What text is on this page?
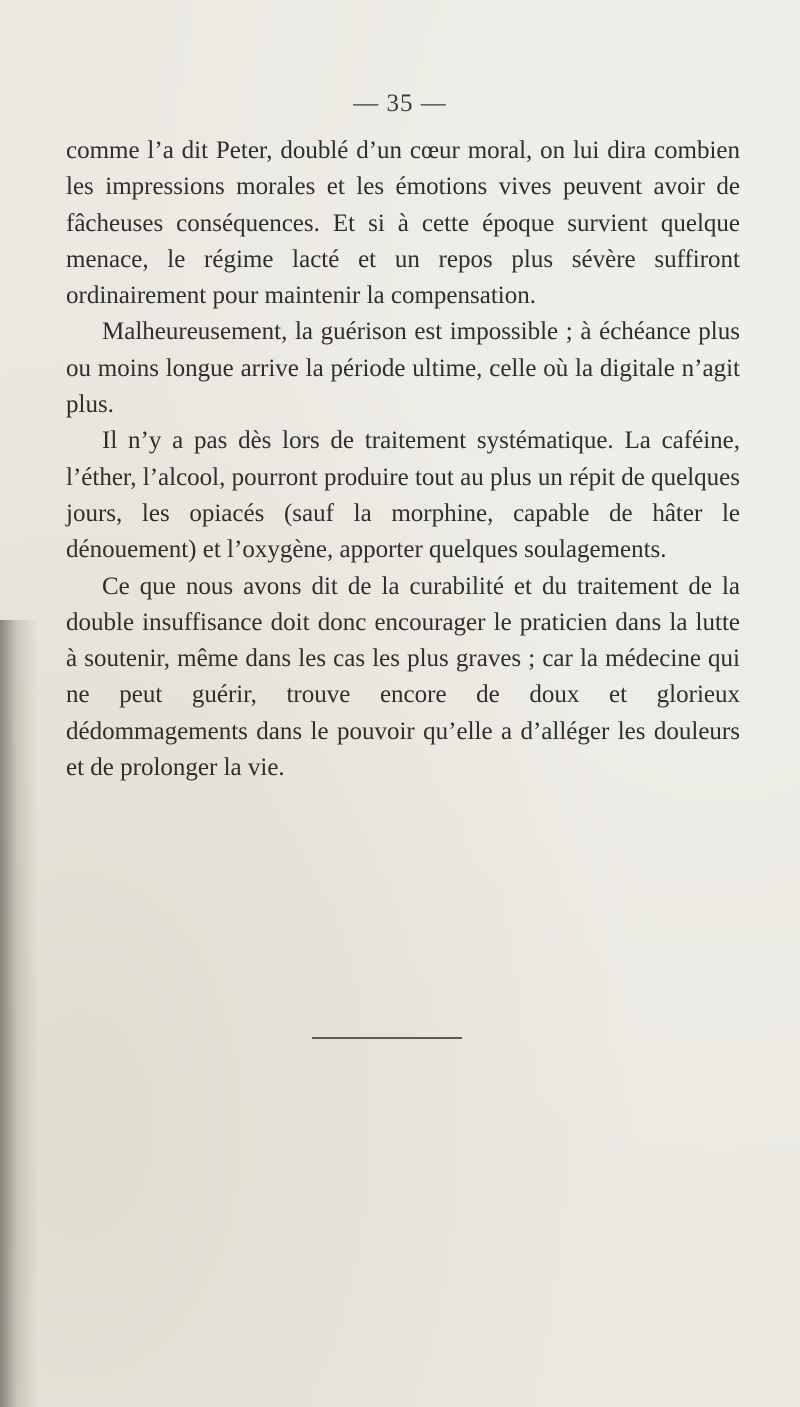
— 35 —

comme l’a dit Peter, doublé d’un cœur moral, on lui dira combien les impressions morales et les émotions vives peuvent avoir de fâcheuses conséquences. Et si à cette époque survient quelque menace, le régime lacté et un repos plus sévère suffiront ordinairement pour maintenir la compensation.

Malheureusement, la guérison est impossible ; à échéance plus ou moins longue arrive la période ultime, celle où la digitale n’agit plus.

Il n’y a pas dès lors de traitement systématique. La caféine, l’éther, l’alcool, pourront produire tout au plus un répit de quelques jours, les opiacés (sauf la morphine, capable de hâter le dénouement) et l’oxygène, apporter quelques soulagements.

Ce que nous avons dit de la curabilité et du traitement de la double insuffisance doit donc encourager le praticien dans la lutte à soutenir, même dans les cas les plus graves ; car la médecine qui ne peut guérir, trouve encore de doux et glorieux dédommagements dans le pouvoir qu’elle a d’alléger les douleurs et de prolonger la vie.
